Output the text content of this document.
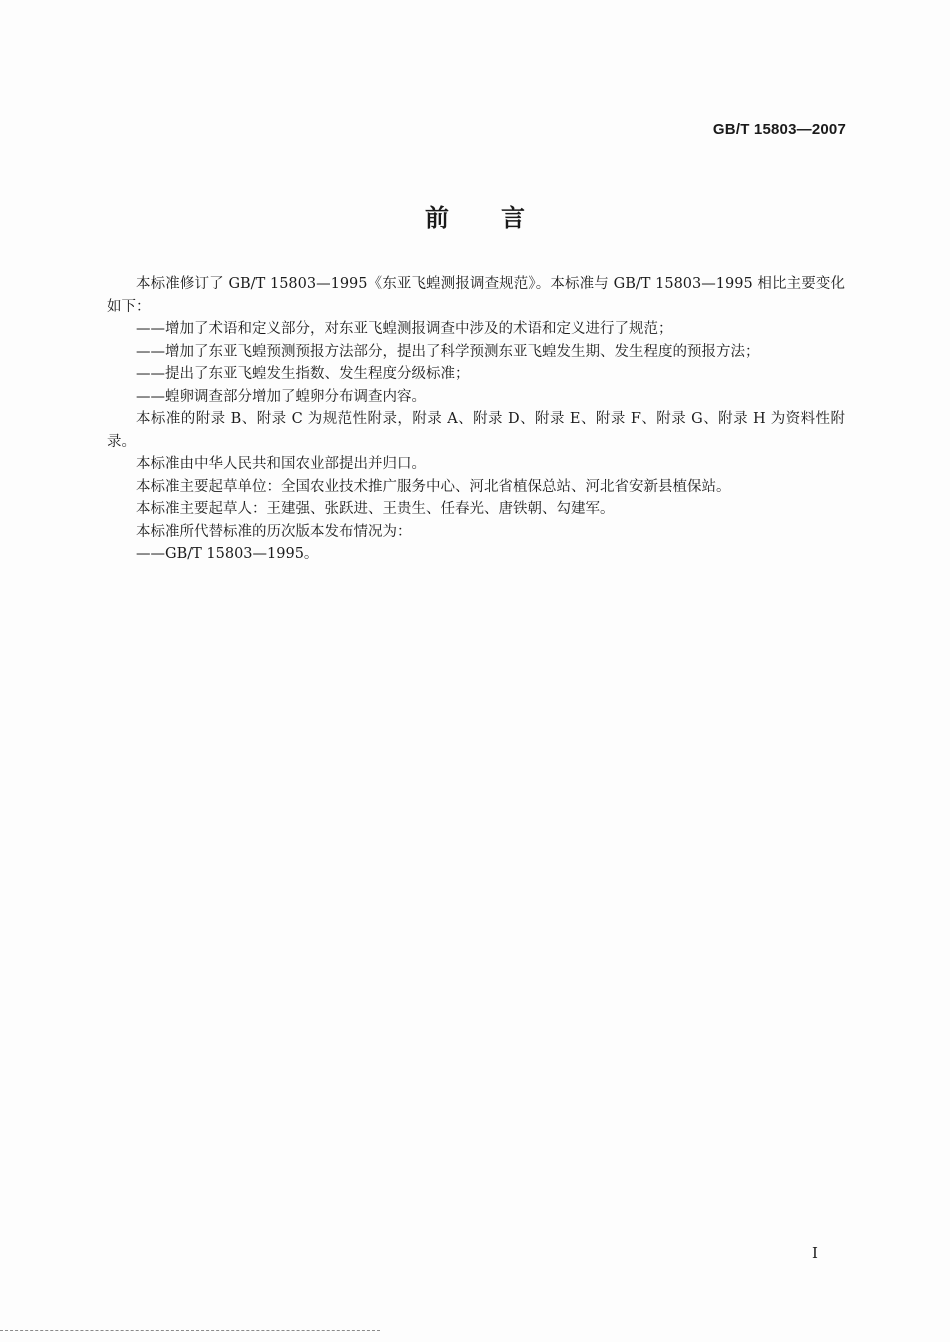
GB/T 15803—2007
前言

本标准修订了 GB/T 15803—1995《东亚飞蝗测报调查规范》。本标准与 GB/T 15803—1995 相比主要变化如下：

——增加了术语和定义部分，对东亚飞蝗测报调查中涉及的术语和定义进行了规范；

——增加了东亚飞蝗预测预报方法部分，提出了科学预测东亚飞蝗发生期、发生程度的预报方法；

——提出了东亚飞蝗发生指数、发生程度分级标准；

——蝗卵调查部分增加了蝗卵分布调查内容。

本标准的附录 B、附录 C 为规范性附录，附录 A、附录 D、附录 E、附录 F、附录 G、附录 H 为资料性附录。

本标准由中华人民共和国农业部提出并归口。

本标准主要起草单位：全国农业技术推广服务中心、河北省植保总站、河北省安新县植保站。

本标准主要起草人：王建强、张跃进、王贵生、任春光、唐铁朝、勾建军。

本标准所代替标准的历次版本发布情况为：

——GB/T 15803—1995。

I
